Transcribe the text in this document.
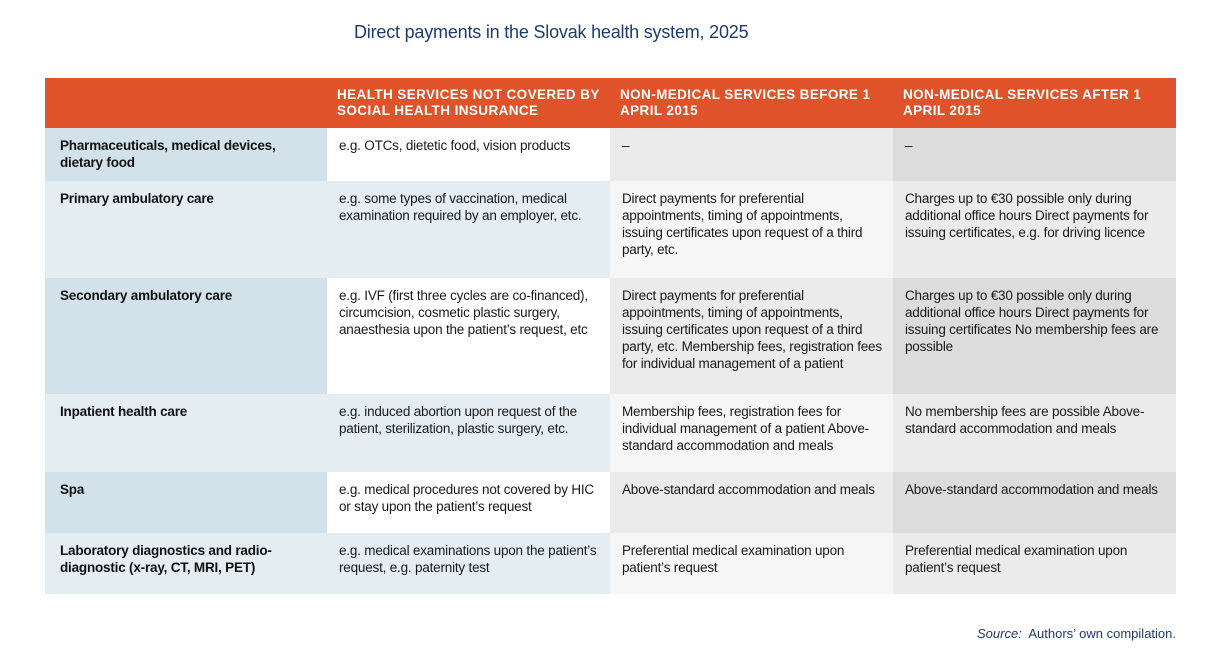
Direct payments in the Slovak health system, 2025
	HEALTH SERVICES NOT COVERED BY SOCIAL HEALTH INSURANCE	NON-MEDICAL SERVICES BEFORE 1 APRIL 2015	NON-MEDICAL SERVICES AFTER 1 APRIL 2015
Pharmaceuticals, medical devices, dietary food	e.g. OTCs, dietetic food, vision products	–	–
Primary ambulatory care	e.g. some types of vaccination, medical examination required by an employer, etc.	Direct payments for preferential appointments, timing of appointments, issuing certificates upon request of a third party, etc.	Charges up to €30 possible only during additional office hours Direct payments for issuing certificates, e.g. for driving licence
Secondary ambulatory care	e.g. IVF (first three cycles are co-financed), circumcision, cosmetic plastic surgery, anaesthesia upon the patient’s request, etc	Direct payments for preferential appointments, timing of appointments, issuing certificates upon request of a third party, etc. Membership fees, registration fees for individual management of a patient	Charges up to €30 possible only during additional office hours Direct payments for issuing certificates No membership fees are possible
Inpatient health care	e.g. induced abortion upon request of the patient, sterilization, plastic surgery, etc.	Membership fees, registration fees for individual management of a patient Above-standard accommodation and meals	No membership fees are possible Above-standard accommodation and meals
Spa	e.g. medical procedures not covered by HIC or stay upon the patient’s request	Above-standard accommodation and meals	Above-standard accommodation and meals
Laboratory diagnostics and radio-diagnostic (x-ray, CT, MRI, PET)	e.g. medical examinations upon the patient’s request, e.g. paternity test	Preferential medical examination upon patient’s request	Preferential medical examination upon patient’s request
Source: Authors’ own compilation.
